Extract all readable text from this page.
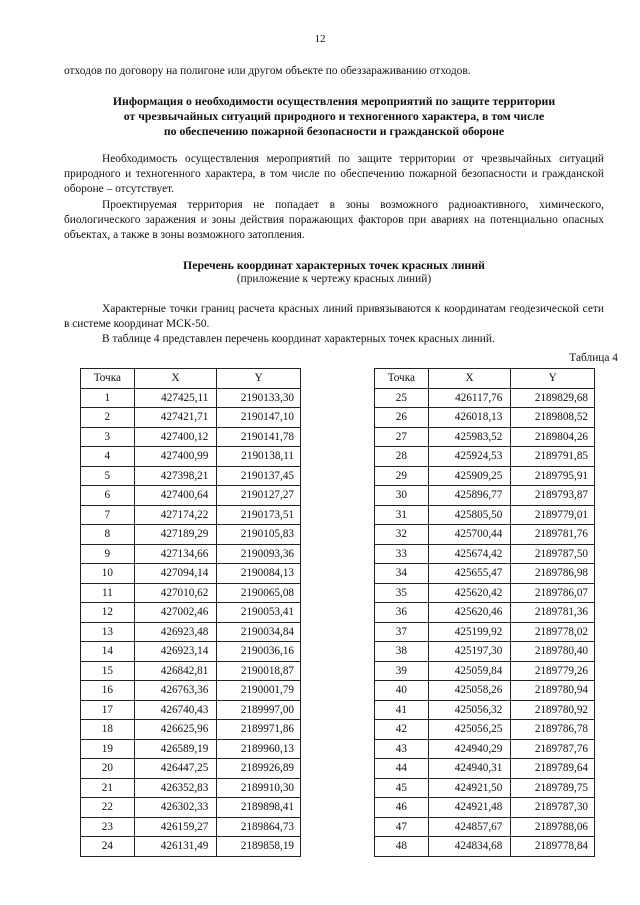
12

отходов по договору на полигоне или другом объекте по обеззараживанию отходов.

Информация о необходимости осуществления мероприятий по защите территории
от чрезвычайных ситуаций природного и техногенного характера, в том числе
по обеспечению пожарной безопасности и гражданской обороне

Необходимость осуществления мероприятий по защите территории от чрезвычайных ситуаций природного и техногенного характера, в том числе по обеспечению пожарной безопасности и гражданской обороне – отсутствует.

Проектируемая территория не попадает в зоны возможного радиоактивного, химического, биологического заражения и зоны действия поражающих факторов при авариях на потенциально опасных объектах, а также в зоны возможного затопления.

Перечень координат характерных точек красных линий
(приложение к чертежу красных линий)

Характерные точки границ расчета красных линий привязываются к координатам геодезической сети в системе координат МСК-50.

В таблице 4 представлен перечень координат характерных точек красных линий.

Таблица 4
Точка	X	Y
1	427425,11	2190133,30
2	427421,71	2190147,10
3	427400,12	2190141,78
4	427400,99	2190138,11
5	427398,21	2190137,45
6	427400,64	2190127,27
7	427174,22	2190173,51
8	427189,29	2190105,83
9	427134,66	2190093,36
10	427094,14	2190084,13
11	427010,62	2190065,08
12	427002,46	2190053,41
13	426923,48	2190034,84
14	426923,14	2190036,16
15	426842,81	2190018,87
16	426763,36	2190001,79
17	426740,43	2189997,00
18	426625,96	2189971,86
19	426589,19	2189960,13
20	426447,25	2189926,89
21	426352,83	2189910,30
22	426302,33	2189898,41
23	426159,27	2189864,73
24	426131,49	2189858,19
Точка	X	Y
25	426117,76	2189829,68
26	426018,13	2189808,52
27	425983,52	2189804,26
28	425924,53	2189791,85
29	425909,25	2189795,91
30	425896,77	2189793,87
31	425805,50	2189779,01
32	425700,44	2189781,76
33	425674,42	2189787,50
34	425655,47	2189786,98
35	425620,42	2189786,07
36	425620,46	2189781,36
37	425199,92	2189778,02
38	425197,30	2189780,40
39	425059,84	2189779,26
40	425058,26	2189780,94
41	425056,32	2189780,92
42	425056,25	2189786,78
43	424940,29	2189787,76
44	424940,31	2189789,64
45	424921,50	2189789,75
46	424921,48	2189787,30
47	424857,67	2189788,06
48	424834,68	2189778,84
